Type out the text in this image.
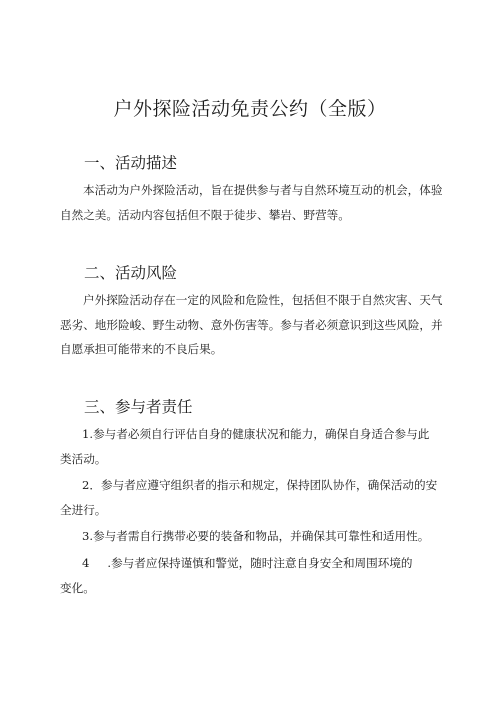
户外探险活动免责公约（全版）
一、活动描述
本活动为户外探险活动，旨在提供参与者与自然环境互动的机会，体验
自然之美。活动内容包括但不限于徒步、攀岩、野营等。
二、活动风险
户外探险活动存在一定的风险和危险性，包括但不限于自然灾害、天气
恶劣、地形险峻、野生动物、意外伤害等。参与者必须意识到这些风险，并
自愿承担可能带来的不良后果。
三、参与者责任
1.参与者必须自行评估自身的健康状况和能力，确保自身适合参与此
类活动。
2．参与者应遵守组织者的指示和规定，保持团队协作，确保活动的安
全进行。
3.参与者需自行携带必要的装备和物品，并确保其可靠性和适用性。
4 .参与者应保持谨慎和警觉，随时注意自身安全和周围环境的
变化。
